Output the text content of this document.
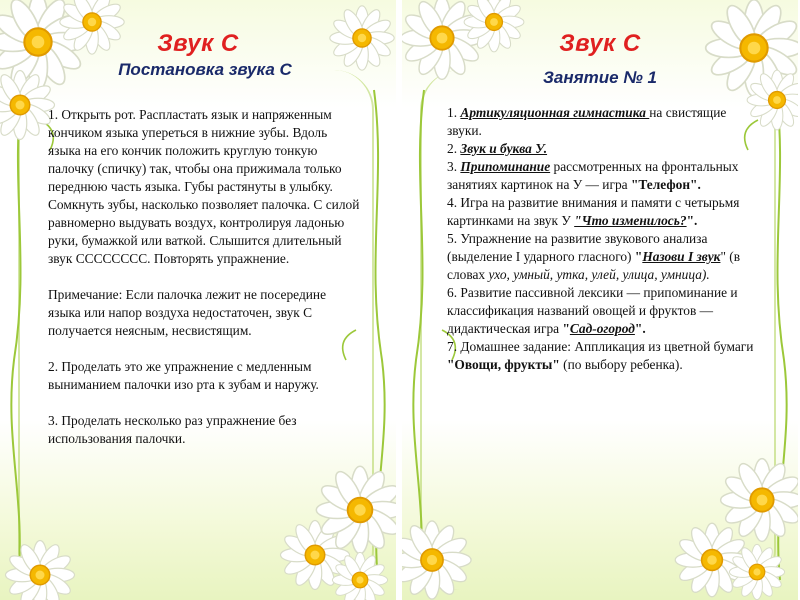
Звук С
Постановка звука С

1. Открыть рот. Распластать язык и напряженным кончиком языка упереться в нижние зубы. Вдоль языка на его кончик положить круглую тонкую палочку (спичку) так, чтобы она прижимала только переднюю часть языка. Губы растянуты в улыбку. Сомкнуть зубы, насколько позволяет палочка. С силой равномерно выдувать воздух, контролируя ладонью руки, бумажкой или ваткой. Слышится длительный звук СССССССС. Повторять упражнение.

Примечание: Если палочка лежит не посередине языка или напор воздуха недостаточен, звук С получается неясным, несвистящим.

2. Проделать это же упражнение с медленным выниманием палочки изо рта к зубам и наружу.

3. Проделать несколько раз упражнение без использования палочки.

Звук С
Занятие № 1

1. Артикуляционная гимнастика на свистящие звуки.

2. Звук и буква У.

3. Припоминание рассмотренных на фронтальных занятиях картинок на У — игра "Телефон".

4. Игра на развитие внимания и памяти с четырьмя картинками на звук У "Что изменилось?".

5. Упражнение на развитие звукового анализа (выделение I ударного гласного) "Назови I звук" (в словах ухо, умный, утка, улей, улица, умница).

6. Развитие пассивной лексики — припоминание и классификация названий овощей и фруктов — дидактическая игра "Сад-огород".

7. Домашнее задание: Аппликация из цветной бумаги "Овощи, фрукты" (по выбору ребенка).
